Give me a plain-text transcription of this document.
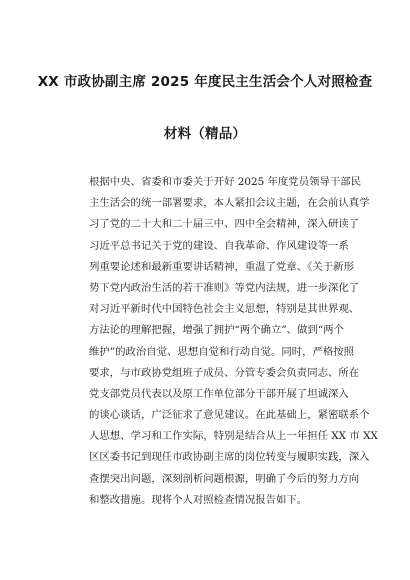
XX 市政协副主席 2025 年度民主生活会个人对照检查
材料（精品）
根据中央、省委和市委关于开好 2025 年度党员领导干部民
主生活会的统一部署要求，本人紧扣会议主题，在会前认真学
习了党的二十大和二十届三中、四中全会精神，深入研读了
习近平总书记关于党的建设、自我革命、作风建设等一系
列重要论述和最新重要讲话精神，重温了党章、《关于新形
势下党内政治生活的若干准则》等党内法规，进一步深化了
对习近平新时代中国特色社会主义思想，特别是其世界观、
方法论的理解把握，增强了拥护“两个确立”、做到“两个
维护”的政治自觉、思想自觉和行动自觉。同时，严格按照
要求，与市政协党组班子成员、分管专委会负责同志、所在
党支部党员代表以及原工作单位部分干部开展了坦诚深入
的谈心谈话，广泛征求了意见建议。在此基础上，紧密联系个
人思想、学习和工作实际，特别是结合从上一年担任 XX 市 XX
区区委书记到现任市政协副主席的岗位转变与履职实践，深入
查摆突出问题，深刻剖析问题根源，明确了今后的努力方向
和整改措施。现将个人对照检查情况报告如下。
